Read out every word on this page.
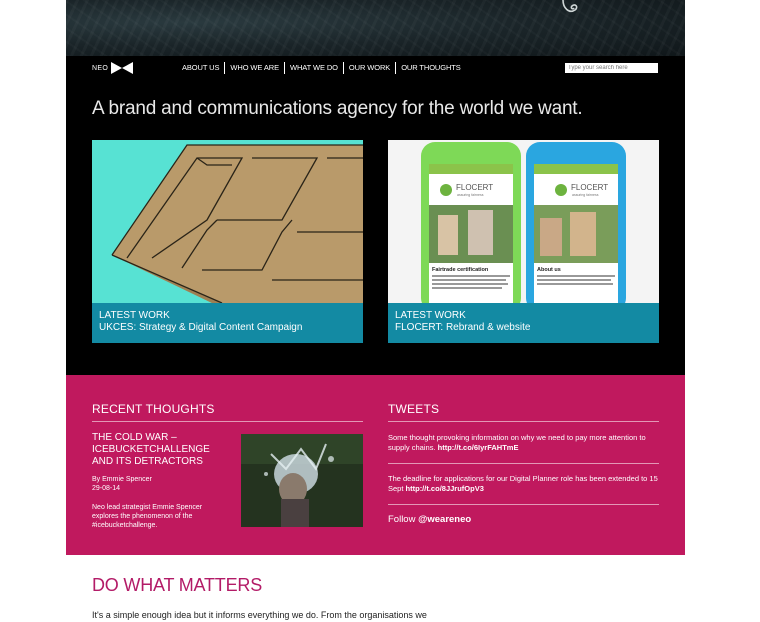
NEO	ABOUT US	WHO WE ARE	WHAT WE DO	OUR WORK	OUR THOUGHTS
Type your search here
A brand and communications agency for the world we want.
LATEST WORK
UKCES: Strategy & Digital Content Campaign
FLOCERT
assuring fairness
Fairtrade certification
FLOCERT
assuring fairness
About us
LATEST WORK
FLOCERT: Rebrand & website
RECENT THOUGHTS
THE COLD WAR – ICEBUCKETCHALLENGE AND ITS DETRACTORS
By Emmie Spencer
29-08-14
Neo lead strategist Emmie Spencer explores the phenomenon of the #icebucketchallenge.
TWEETS
Some thought provoking information on why we need to pay more attention to supply chains. http://t.co/6IyrFAHTmE
The deadline for applications for our Digital Planner role has been extended to 15 Sept http://t.co/8JJrufOpV3
Follow @weareneo
DO WHAT MATTERS
It's a simple enough idea but it informs everything we do. From the organisations we
